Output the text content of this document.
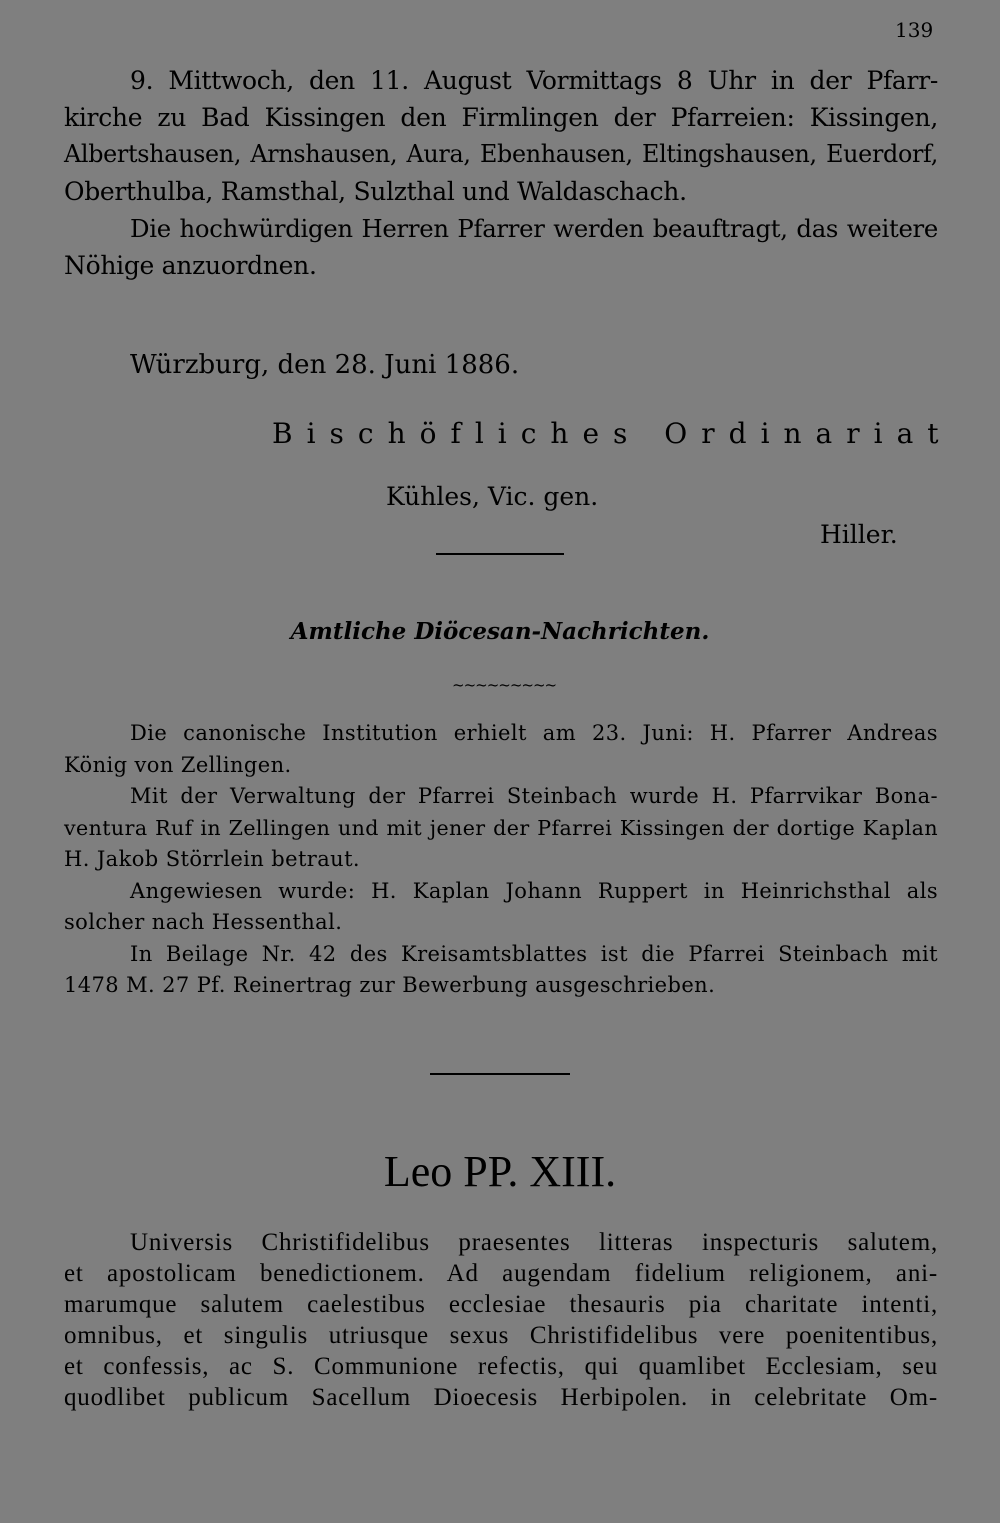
139
9. Mittwoch, den 11. August Vormittags 8 Uhr in der Pfarr-
kirche zu Bad Kissingen den Firmlingen der Pfarreien: Kissingen,
Albertshausen, Arnshausen, Aura, Ebenhausen, Eltingshausen, Euerdorf,
Oberthulba, Ramsthal, Sulzthal und Waldaschach.
Die hochwürdigen Herren Pfarrer werden beauftragt, das weitere
Nöhige anzuordnen.
Würzburg, den 28. Juni 1886.
Bischöfliches Ordinariat
Kühles, Vic. gen.
Hiller.
Amtliche Diöcesan-Nachrichten.
~~~~~~~~~
Die canonische Institution erhielt am 23. Juni: H. Pfarrer Andreas
König von Zellingen.
Mit der Verwaltung der Pfarrei Steinbach wurde H. Pfarrvikar Bona-
ventura Ruf in Zellingen und mit jener der Pfarrei Kissingen der dortige Kaplan
H. Jakob Störrlein betraut.
Angewiesen wurde: H. Kaplan Johann Ruppert in Heinrichsthal als
solcher nach Hessenthal.
In Beilage Nr. 42 des Kreisamtsblattes ist die Pfarrei Steinbach mit
1478 M. 27 Pf. Reinertrag zur Bewerbung ausgeschrieben.
Leo PP. XIII.
Universis Christifidelibus praesentes litteras inspecturis salutem,
et apostolicam benedictionem. Ad augendam fidelium religionem, ani-
marumque salutem caelestibus ecclesiae thesauris pia charitate intenti,
omnibus, et singulis utriusque sexus Christifidelibus vere poenitentibus,
et confessis, ac S. Communione refectis, qui quamlibet Ecclesiam, seu
quodlibet publicum Sacellum Dioecesis Herbipolen. in celebritate Om-
